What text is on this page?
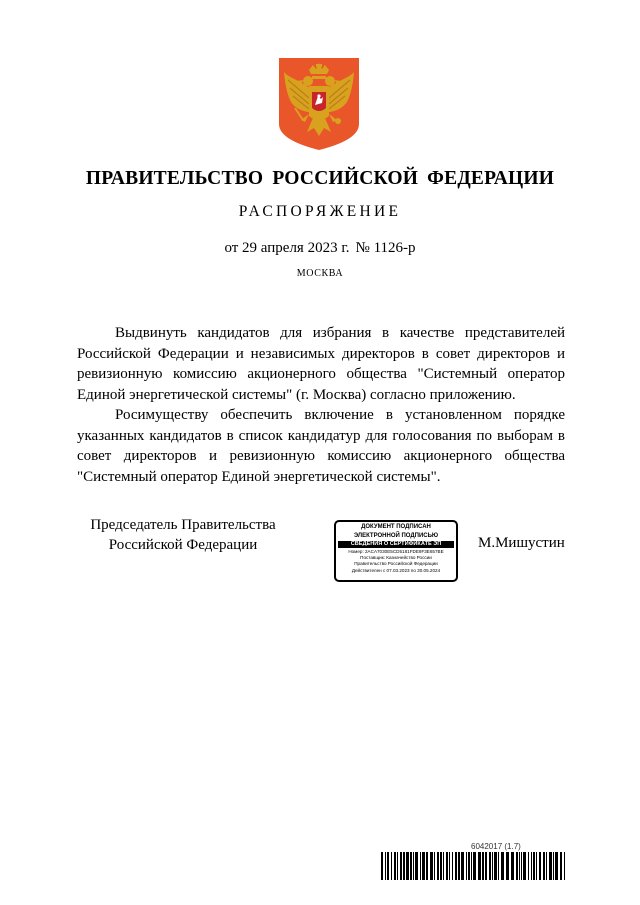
ПРАВИТЕЛЬСТВО РОССИЙСКОЙ ФЕДЕРАЦИИ
РАСПОРЯЖЕНИЕ
от 29 апреля 2023 г. № 1126-р
МОСКВА

Выдвинуть кандидатов для избрания в качестве представителей Российской Федерации и независимых директоров в совет директоров и ревизионную комиссию акционерного общества "Системный оператор Единой энергетической системы" (г. Москва) согласно приложению.

Росимуществу обеспечить включение в установленном порядке указанных кандидатов в список кандидатур для голосования по выборам в совет директоров и ревизионную комиссию акционерного общества "Системный оператор Единой энергетической системы".

Председатель Правительства
Российской Федерации
ДОКУМЕНТ ПОДПИСАН
ЭЛЕКТРОННОЙ ПОДПИСЬЮ
СВЕДЕНИЯ О СЕРТИФИКАТЕ ЭП
Номер: 2ACA7030E5CD5181FDE9F3E657BE
Поставщик: Казначейство России
Правительство Российской Федерации
Действителен с 07.03.2023 по 30.05.2024
М.Мишустин
6042017 (1.7)
